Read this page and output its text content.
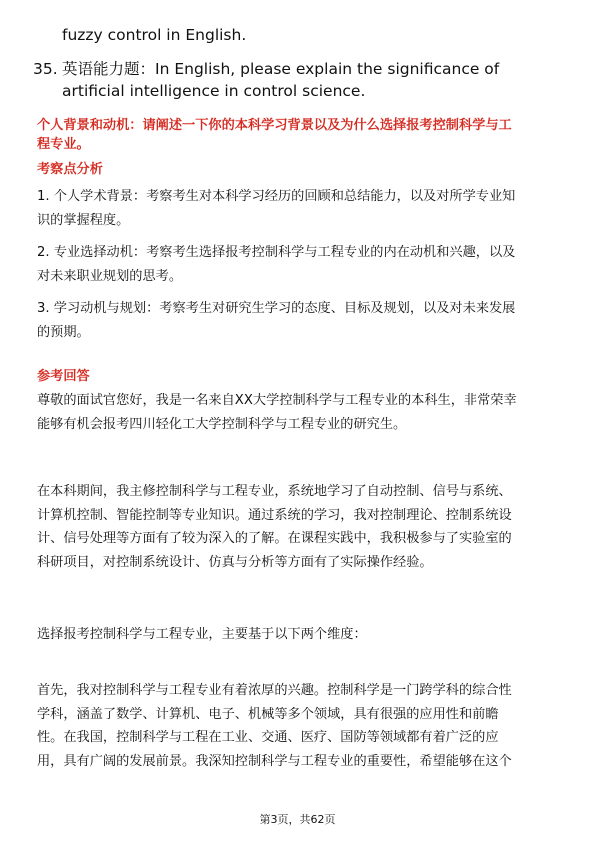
fuzzy control in English.
35. 英语能力题：In English, please explain the significance of
artificial intelligence in control science.
个人背景和动机：请阐述一下你的本科学习背景以及为什么选择报考控制科学与工
程专业。
考察点分析
1. 个人学术背景：考察考生对本科学习经历的回顾和总结能力，以及对所学专业知
识的掌握程度。
2. 专业选择动机：考察考生选择报考控制科学与工程专业的内在动机和兴趣，以及
对未来职业规划的思考。
3. 学习动机与规划：考察考生对研究生学习的态度、目标及规划，以及对未来发展
的预期。
参考回答
尊敬的面试官您好，我是一名来自XX大学控制科学与工程专业的本科生，非常荣幸
能够有机会报考四川轻化工大学控制科学与工程专业的研究生。
在本科期间，我主修控制科学与工程专业，系统地学习了自动控制、信号与系统、
计算机控制、智能控制等专业知识。通过系统的学习，我对控制理论、控制系统设
计、信号处理等方面有了较为深入的了解。在课程实践中，我积极参与了实验室的
科研项目，对控制系统设计、仿真与分析等方面有了实际操作经验。
选择报考控制科学与工程专业，主要基于以下两个维度：
首先，我对控制科学与工程专业有着浓厚的兴趣。控制科学是一门跨学科的综合性
学科，涵盖了数学、计算机、电子、机械等多个领域，具有很强的应用性和前瞻
性。在我国，控制科学与工程在工业、交通、医疗、国防等领域都有着广泛的应
用，具有广阔的发展前景。我深知控制科学与工程专业的重要性，希望能够在这个
第3页，共62页
